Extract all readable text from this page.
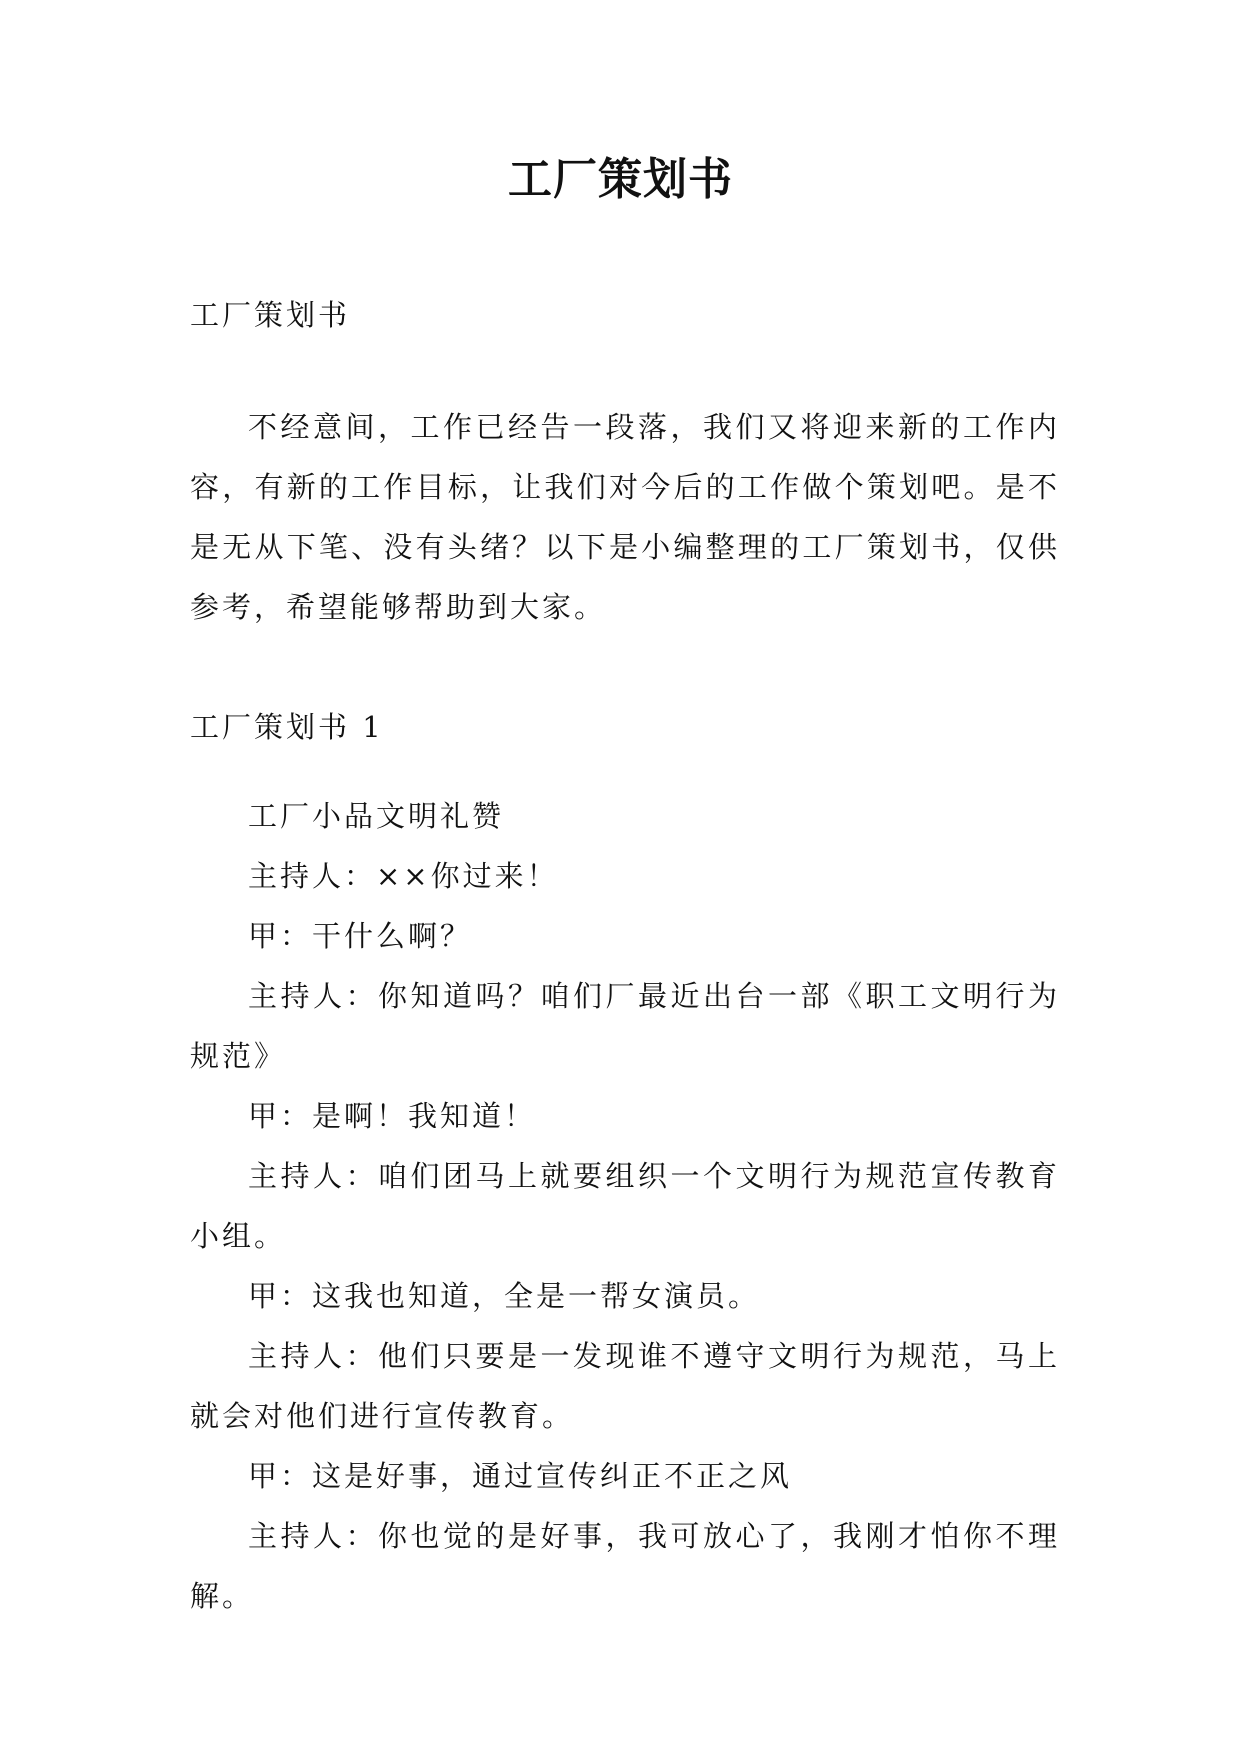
工厂策划书

工厂策划书

不经意间，工作已经告一段落，我们又将迎来新的工作内容，有新的工作目标，让我们对今后的工作做个策划吧。是不是无从下笔、没有头绪？以下是小编整理的工厂策划书，仅供参考，希望能够帮助到大家。

工厂策划书 1

工厂小品文明礼赞

主持人：××你过来！

甲：干什么啊？

主持人：你知道吗？咱们厂最近出台一部《职工文明行为规范》

甲：是啊！我知道！

主持人：咱们团马上就要组织一个文明行为规范宣传教育小组。

甲：这我也知道，全是一帮女演员。

主持人：他们只要是一发现谁不遵守文明行为规范，马上就会对他们进行宣传教育。

甲：这是好事，通过宣传纠正不正之风

主持人：你也觉的是好事，我可放心了，我刚才怕你不理解。
